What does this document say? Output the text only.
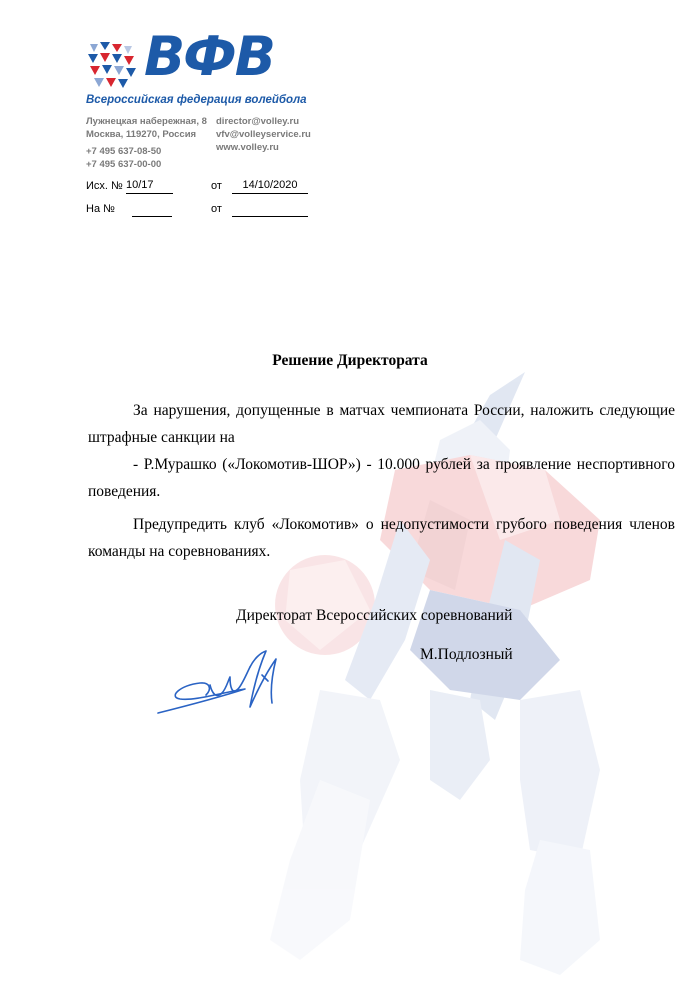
ВФВ
Всероссийская федерация волейбола
Лужнецкая набережная, 8
Москва, 119270, Россия
+7 495 637-08-50
+7 495 637-00-00
director@volley.ru
vfv@volleyservice.ru
www.volley.ru
Исх. № 10/17	от	14/10/2020
На №	от
Решение Директората
За нарушения, допущенные в матчах чемпионата России, наложить следующие штрафные санкции на
- Р.Мурашко («Локомотив-ШОР») - 10.000 рублей за проявление неспортивного поведения.
Предупредить клуб «Локомотив» о недопустимости грубого поведения членов команды на соревнованиях.
Директорат Всероссийских соревнований
М.Подлозный
